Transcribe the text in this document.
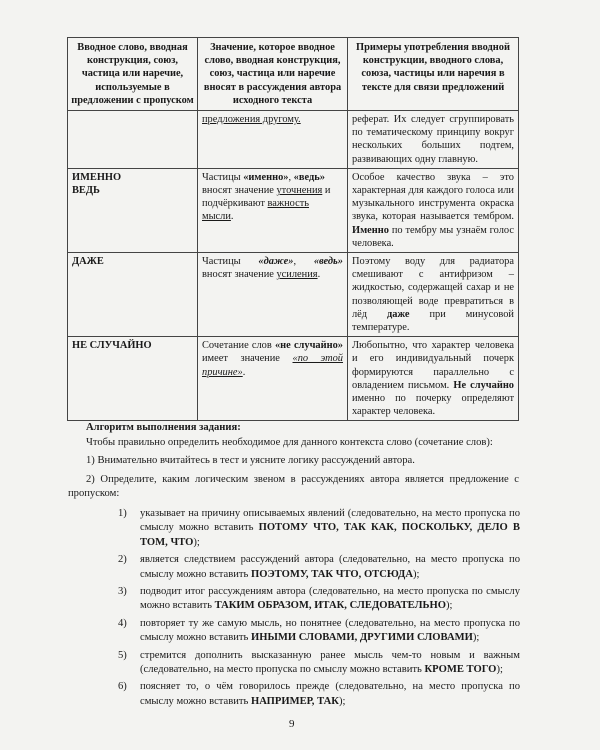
Вводное слово, вводная конструкция, союз, частица или наречие, используемые в предложении с пропуском	Значение, которое вводное слово, вводная конструкция, союз, частица или наречие вносят в рассуждения автора исходного текста	Примеры употребления вводной конструкции, вводного слова, союза, частицы или наречия в тексте для связи предложений
	предложения другому.	реферат. Их следует сгруппировать по тематическому принципу вокруг нескольких больших подтем, развивающих одну главную.

ИМЕННО
ВЕДЬ	Частицы «именно», «ведь» вносят значение уточнения и подчёркивают важность мысли.	Особое качество звука – это характерная для каждого голоса или музыкального инструмента окраска звука, которая называется тембром. Именно по тембру мы узнаём голос человека.
ДАЖЕ	Частицы «даже», «ведь» вносят значение усиления.	Поэтому воду для радиатора смешивают с антифризом – жидкостью, содержащей сахар и не позволяющей воде превратиться в лёд даже при минусовой температуре.
НЕ СЛУЧАЙНО	Сочетание слов «не случайно» имеет значение «по этой причине».	Любопытно, что характер человека и его индивидуальный почерк формируются параллельно с овладением письмом. Не случайно именно по почерку определяют характер человека.
Алгоритм выполнения задания:

Чтобы правильно определить необходимое для данного контекста слово (сочетание слов):

1) Внимательно вчитайтесь в тест и уясните логику рассуждений автора.

2) Определите, каким логическим звеном в рассуждениях автора является предложение с пропуском:

1)	указывает на причину описываемых явлений (следовательно, на место пропуска по смыслу можно вставить ПОТОМУ ЧТО, ТАК КАК, ПОСКОЛЬКУ, ДЕЛО В ТОМ, ЧТО);
2)	является следствием рассуждений автора (следовательно, на место пропуска по смыслу можно вставить ПОЭТОМУ, ТАК ЧТО, ОТСЮДА);
3)	подводит итог рассуждениям автора (следовательно, на место пропуска по смыслу можно вставить ТАКИМ ОБРАЗОМ, ИТАК, СЛЕДОВАТЕЛЬНО);
4)	повторяет ту же самую мысль, но понятнее (следовательно, на место пропуска по смыслу можно вставить ИНЫМИ СЛОВАМИ, ДРУГИМИ СЛОВАМИ);
5)	стремится дополнить высказанную ранее мысль чем-то новым и важным (следовательно, на место пропуска по смыслу можно вставить КРОМЕ ТОГО);
6)	поясняет то, о чём говорилось прежде (следовательно, на место пропуска по смыслу можно вставить НАПРИМЕР, ТАК);
9
